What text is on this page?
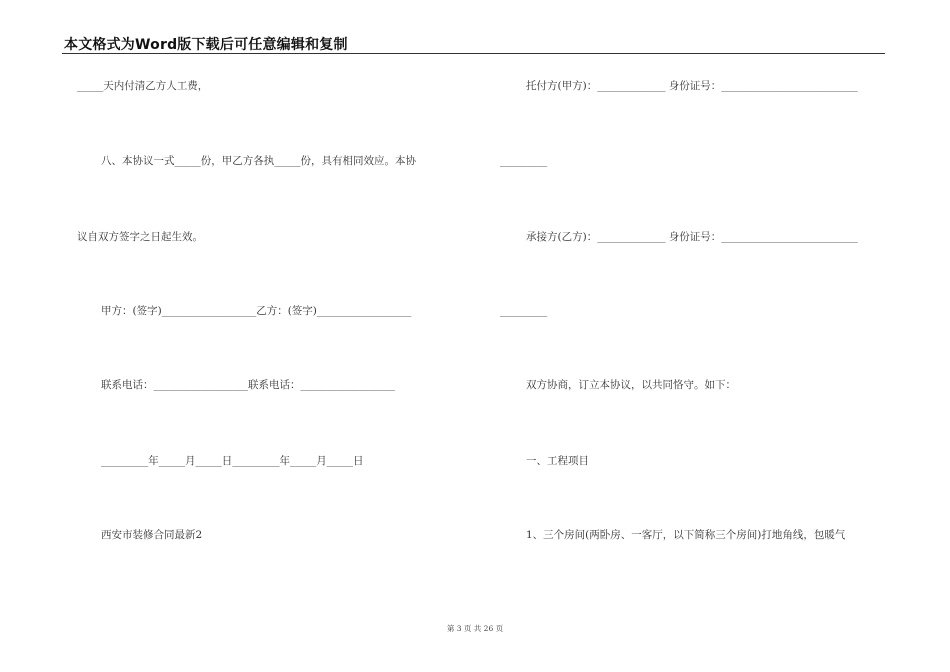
本文格式为Word版下载后可任意编辑和复制
_____天内付清乙方人工费，
八、本协议一式_____份，甲乙方各执_____份，具有相同效应。本协
议自双方签字之日起生效。
甲方：(签字)__________________乙方：(签字)__________________
联系电话：__________________联系电话：__________________
_________年_____月_____日_________年_____月_____日
西安市装修合同最新2
托付方(甲方)：_____________ 身份证号：__________________________
_________
承接方(乙方)：_____________ 身份证号：__________________________
_________
双方协商，订立本协议，以共同恪守。如下：
一、工程项目
1、三个房间(两卧房、一客厅，以下简称三个房间)打地角线，包暖气
第 3 页 共 26 页
